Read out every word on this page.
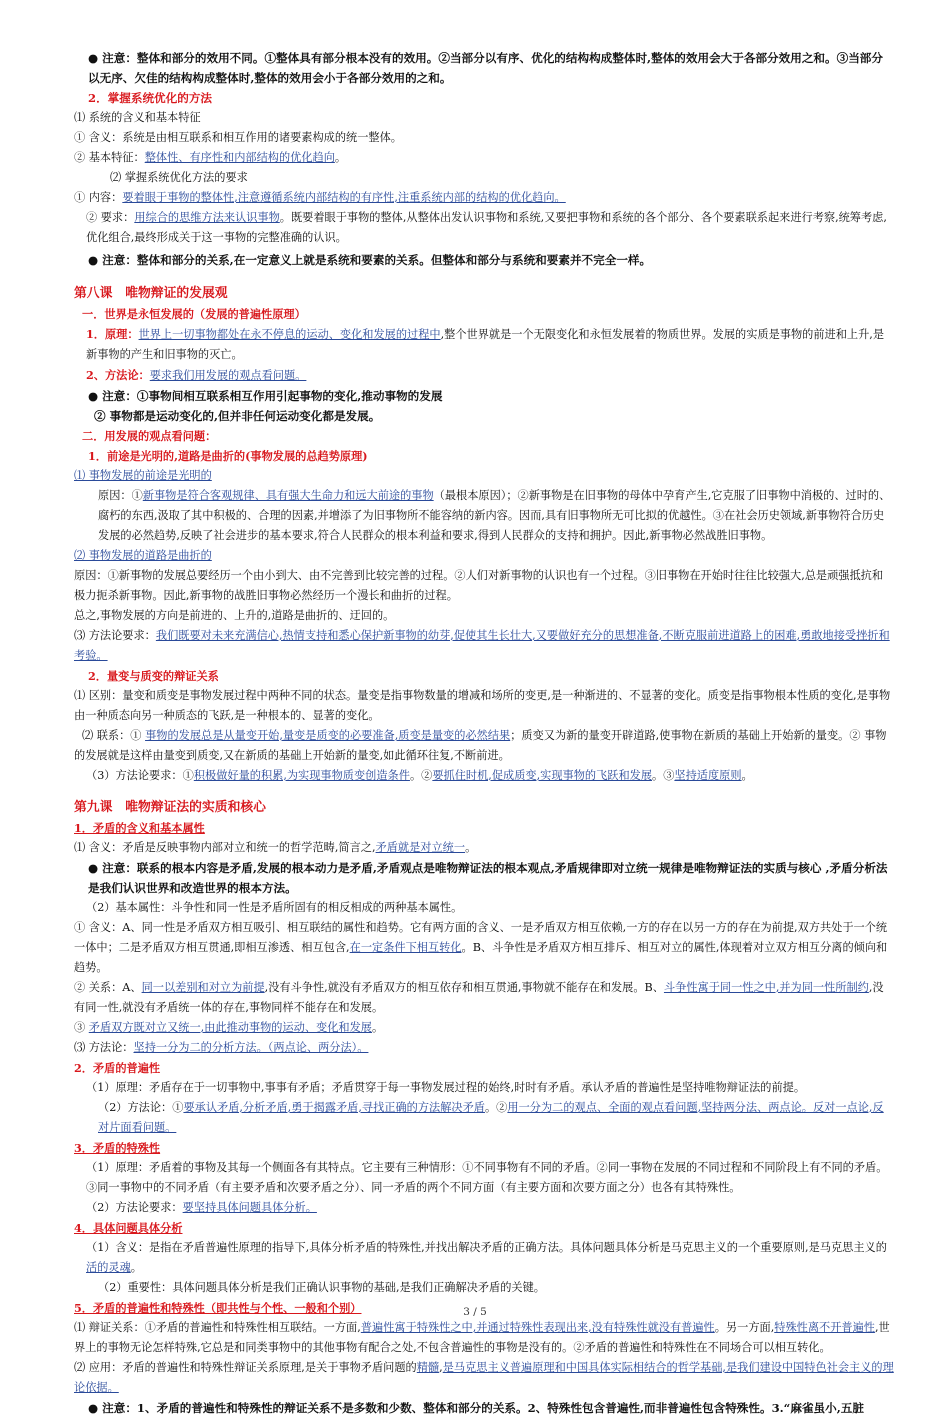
● 注意：整体和部分的效用不同。①整体具有部分根本没有的效用。②当部分以有序、优化的结构构成整体时,整体的效用会大于各部分效用之和。③当部分以无序、欠佳的结构构成整体时,整体的效用会小于各部分效用的之和。

2．掌握系统优化的方法

⑴ 系统的含义和基本特征

① 含义：系统是由相互联系和相互作用的诸要素构成的统一整体。

② 基本特征：整体性、有序性和内部结构的优化趋向。

⑵ 掌握系统优化方法的要求

① 内容：要着眼于事物的整体性,注意遵循系统内部结构的有序性,注重系统内部的结构的优化趋向。

② 要求：用综合的思维方法来认识事物。既要着眼于事物的整体,从整体出发认识事物和系统,又要把事物和系统的各个部分、各个要素联系起来进行考察,统筹考虑,优化组合,最终形成关于这一事物的完整准确的认识。

● 注意：整体和部分的关系,在一定意义上就是系统和要素的关系。但整体和部分与系统和要素并不完全一样。

第八课　唯物辩证的发展观

一．世界是永恒发展的（发展的普遍性原理）

1．原理：世界上一切事物都处在永不停息的运动、变化和发展的过程中,整个世界就是一个无限变化和永恒发展着的物质世界。发展的实质是事物的前进和上升,是新事物的产生和旧事物的灭亡。

2、方法论：要求我们用发展的观点看问题。

● 注意：①事物间相互联系相互作用引起事物的变化,推动事物的发展

② 事物都是运动变化的,但并非任何运动变化都是发展。

二．用发展的观点看问题：

1．前途是光明的,道路是曲折的(事物发展的总趋势原理)

⑴ 事物发展的前途是光明的

原因：①新事物是符合客观规律、具有强大生命力和远大前途的事物（最根本原因）；②新事物是在旧事物的母体中孕育产生,它克服了旧事物中消极的、过时的、腐朽的东西,汲取了其中积极的、合理的因素,并增添了为旧事物所不能容纳的新内容。因而,具有旧事物所无可比拟的优越性。③在社会历史领域,新事物符合历史发展的必然趋势,反映了社会进步的基本要求,符合人民群众的根本利益和要求,得到人民群众的支持和拥护。因此,新事物必然战胜旧事物。

⑵ 事物发展的道路是曲折的

原因：①新事物的发展总要经历一个由小到大、由不完善到比较完善的过程。②人们对新事物的认识也有一个过程。③旧事物在开始时往往比较强大,总是顽强抵抗和极力扼杀新事物。因此,新事物的战胜旧事物必然经历一个漫长和曲折的过程。

总之,事物发展的方向是前进的、上升的,道路是曲折的、迂回的。

⑶ 方法论要求：我们既要对未来充满信心,热情支持和悉心保护新事物的幼芽,促使其生长壮大,又要做好充分的思想准备,不断克服前进道路上的困难,勇敢地接受挫折和考验。

2．量变与质变的辩证关系

⑴ 区别：量变和质变是事物发展过程中两种不同的状态。量变是指事物数量的增减和场所的变更,是一种渐进的、不显著的变化。质变是指事物根本性质的变化,是事物由一种质态向另一种质态的飞跃,是一种根本的、显著的变化。

⑵ 联系：① 事物的发展总是从量变开始,量变是质变的必要准备,质变是量变的必然结果；质变又为新的量变开辟道路,使事物在新质的基础上开始新的量变。② 事物的发展就是这样由量变到质变,又在新质的基础上开始新的量变,如此循环往复,不断前进。

（3）方法论要求：①积极做好量的积累,为实现事物质变创造条件。②要抓住时机,促成质变,实现事物的飞跃和发展。③坚持适度原则。

第九课　唯物辩证法的实质和核心

1．矛盾的含义和基本属性

⑴ 含义：矛盾是反映事物内部对立和统一的哲学范畴,简言之,矛盾就是对立统一。

● 注意：联系的根本内容是矛盾,发展的根本动力是矛盾,矛盾观点是唯物辩证法的根本观点,矛盾规律即对立统一规律是唯物辩证法的实质与核心 ,矛盾分析法是我们认识世界和改造世界的根本方法。

（2）基本属性：斗争性和同一性是矛盾所固有的相反相成的两种基本属性。

① 含义：A、同一性是矛盾双方相互吸引、相互联结的属性和趋势。它有两方面的含义、一是矛盾双方相互依赖,一方的存在以另一方的存在为前提,双方共处于一个统一体中；二是矛盾双方相互贯通,即相互渗透、相互包含,在一定条件下相互转化。B、斗争性是矛盾双方相互排斥、相互对立的属性,体现着对立双方相互分离的倾向和趋势。

② 关系：A、同一以差别和对立为前提,没有斗争性,就没有矛盾双方的相互依存和相互贯通,事物就不能存在和发展。B、斗争性寓于同一性之中,并为同一性所制约,没有同一性,就没有矛盾统一体的存在,事物同样不能存在和发展。

③ 矛盾双方既对立又统一,由此推动事物的运动、变化和发展。

⑶ 方法论：坚持一分为二的分析方法。（两点论、两分法）。

2．矛盾的普遍性

（1）原理：矛盾存在于一切事物中,事事有矛盾；矛盾贯穿于每一事物发展过程的始终,时时有矛盾。承认矛盾的普遍性是坚持唯物辩证法的前提。

（2）方法论：①要承认矛盾,分析矛盾,勇于揭露矛盾,寻找正确的方法解决矛盾。②用一分为二的观点、全面的观点看问题,坚持两分法、两点论。反对一点论,反对片面看问题。

3．矛盾的特殊性

（1）原理：矛盾着的事物及其每一个侧面各有其特点。它主要有三种情形：①不同事物有不同的矛盾。②同一事物在发展的不同过程和不同阶段上有不同的矛盾。③同一事物中的不同矛盾（有主要矛盾和次要矛盾之分）、同一矛盾的两个不同方面（有主要方面和次要方面之分）也各有其特殊性。

（2）方法论要求：要坚持具体问题具体分析。

4．具体问题具体分析

（1）含义：是指在矛盾普遍性原理的指导下,具体分析矛盾的特殊性,并找出解决矛盾的正确方法。具体问题具体分析是马克思主义的一个重要原则,是马克思主义的活的灵魂。

（2）重要性：具体问题具体分析是我们正确认识事物的基础,是我们正确解决矛盾的关键。

5．矛盾的普遍性和特殊性（即共性与个性、一般和个别）

⑴ 辩证关系：①矛盾的普遍性和特殊性相互联结。一方面,普遍性寓于特殊性之中,并通过特殊性表现出来,没有特殊性就没有普遍性。另一方面,特殊性离不开普遍性,世界上的事物无论怎样特殊,它总是和同类事物中的其他事物有配合之处,不包含普遍性的事物是没有的。②矛盾的普遍性和特殊性在不同场合可以相互转化。

⑵ 应用：矛盾的普遍性和特殊性辩证关系原理,是关于事物矛盾问题的精髓,是马克思主义普遍原理和中国具体实际相结合的哲学基础,是我们建设中国特色社会主义的理论依据。

● 注意：1、矛盾的普遍性和特殊性的辩证关系不是多数和少数、整体和部分的关系。2、特殊性包含普遍性,而非普遍性包含特殊性。3.“麻雀虽小,五脏

3 / 5
